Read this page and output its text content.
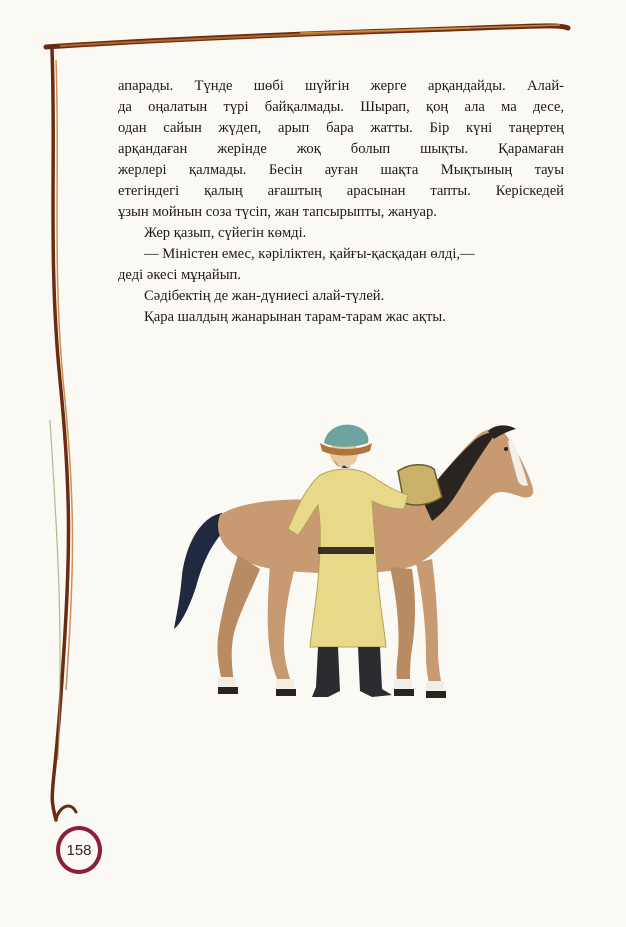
апарады. Түнде шөбі шүйгін жерге арқандайды. Алай-
да оңалатын түрі байқалмады. Шырап, қоң ала ма десе,
одан сайын жүдеп, арып бара жатты. Бір күні таңертең
арқандаған жерінде жоқ болып шықты. Қарамаған
жерлері қалмады. Бесін ауған шақта Мықтының тауы
етегіндегі қалың ағаштың арасынан тапты. Керіскедей
ұзын мойнын соза түсіп, жан тапсырыпты, жануар.
Жер қазып, сүйегін көмді.
— Міністен емес, кәріліктен, қайғы-қасқадан өлді,—
деді әкесі мұңайып.
Сәдібектің де жан-дүниесі алай-түлей.
Қара шалдың жанарынан тарам-тарам жас ақты.
158
